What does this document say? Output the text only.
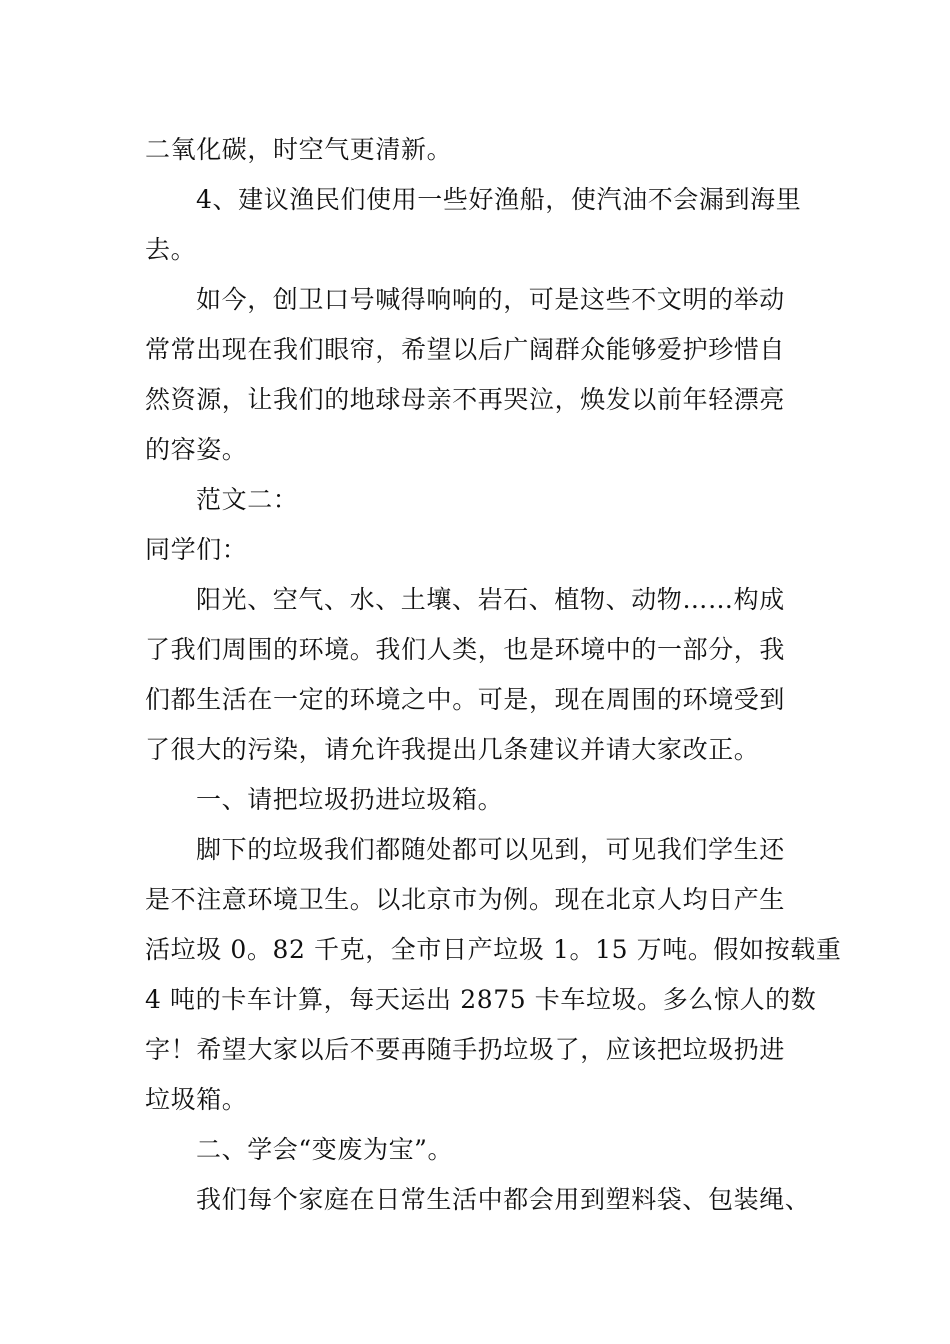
二氧化碳，时空气更清新。
4、建议渔民们使用一些好渔船，使汽油不会漏到海里
去。
如今，创卫口号喊得响响的，可是这些不文明的举动
常常出现在我们眼帘，希望以后广阔群众能够爱护珍惜自
然资源，让我们的地球母亲不再哭泣，焕发以前年轻漂亮
的容姿。
范文二：
同学们：
阳光、空气、水、土壤、岩石、植物、动物……构成
了我们周围的环境。我们人类，也是环境中的一部分，我
们都生活在一定的环境之中。可是，现在周围的环境受到
了很大的污染，请允许我提出几条建议并请大家改正。
一、请把垃圾扔进垃圾箱。
脚下的垃圾我们都随处都可以见到，可见我们学生还
是不注意环境卫生。以北京市为例。现在北京人均日产生
活垃圾 0。82 千克，全市日产垃圾 1。15 万吨。假如按载重
4 吨的卡车计算，每天运出 2875 卡车垃圾。多么惊人的数
字！希望大家以后不要再随手扔垃圾了，应该把垃圾扔进
垃圾箱。
二、学会“变废为宝”。
我们每个家庭在日常生活中都会用到塑料袋、包装绳、
